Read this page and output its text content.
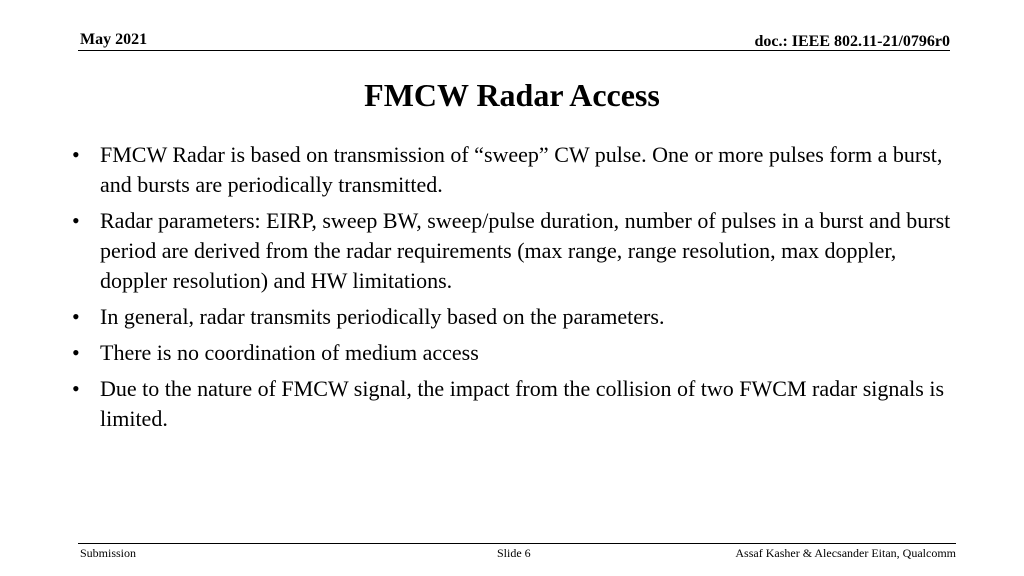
May 2021	doc.: IEEE 802.11-21/0796r0
FMCW Radar Access
• FMCW Radar is based on transmission of “sweep” CW pulse. One or more pulses form a burst, and bursts are periodically transmitted.
• Radar parameters: EIRP, sweep BW, sweep/pulse duration, number of pulses in a burst and burst period are derived from the radar requirements (max range, range resolution, max doppler, doppler resolution) and HW limitations.
• In general, radar transmits periodically based on the parameters.
• There is no coordination of medium access
• Due to the nature of FMCW signal, the impact from the collision of two FWCM radar signals is limited.
Submission	Slide 6	Assaf Kasher & Alecsander Eitan, Qualcomm
